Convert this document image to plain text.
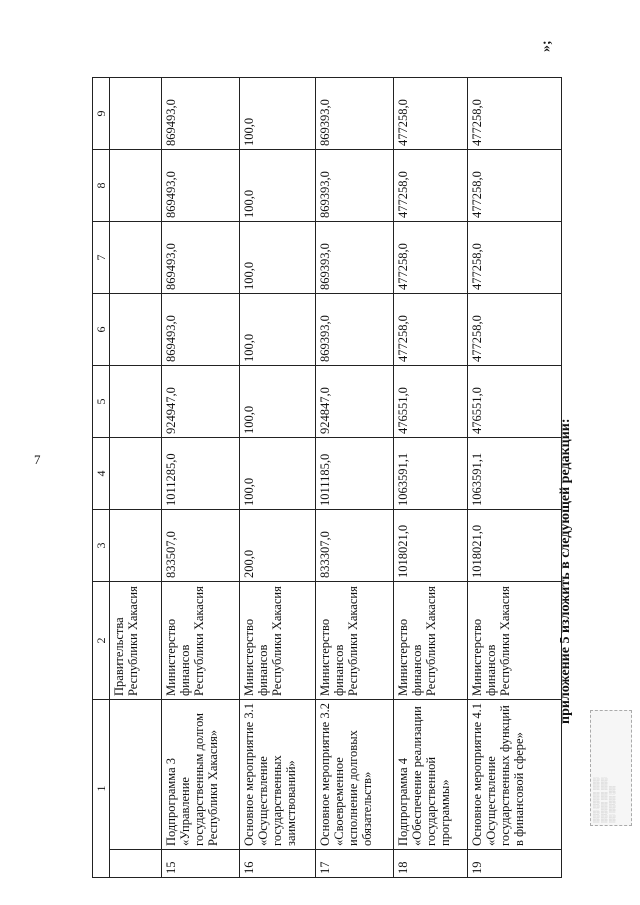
7
»;
1		2	3	4	5	6	7	8	9
		Правительства Республики Хакасия							
15	Подпрограмма 3 «Управление государственным долгом Республики Хакасия»	Министерство финансов Республики Хакасия	833507,0	1011285,0	924947,0	869493,0	869493,0	869493,0	869493,0
16	Основное мероприятие 3.1 «Осуществление государственных заимствований»	Министерство финансов Республики Хакасия	200,0	100,0	100,0	100,0	100,0	100,0	100,0
17	Основное мероприятие 3.2 «Своевременное исполнение долговых обязательств»	Министерство финансов Республики Хакасия	833307,0	1011185,0	924847,0	869393,0	869393,0	869393,0	869393,0
18	Подпрограмма 4 «Обеспечение реализации государственной программы»	Министерство финансов Республики Хакасия	1018021,0	1063591,1	476551,0	477258,0	477258,0	477258,0	477258,0
19	Основное мероприятие 4.1 «Осуществление государственных функций в финансовой сфере»	Министерство финансов Республики Хакасия	1018021,0	1063591,1	476551,0	477258,0	477258,0	477258,0	477258,0
приложение 5 изложить в следующей редакции:
░░░ ░░░░ ░░░ ░░░░░ ░░ ░░░ ░░ ░░░░ ░░
